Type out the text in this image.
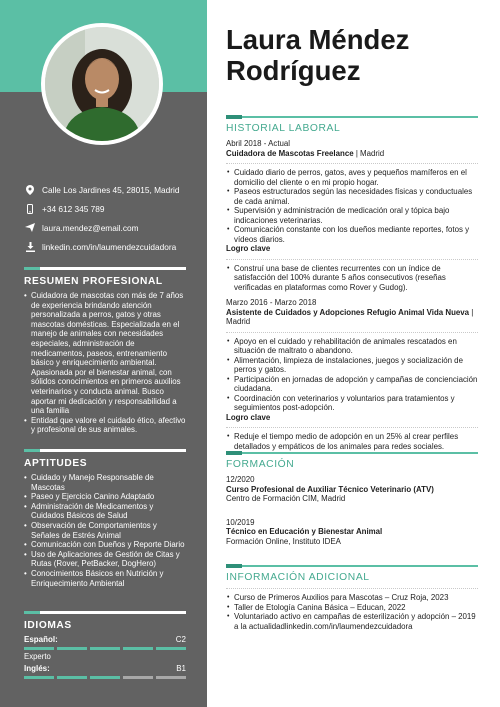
Calle Los Jardines 45, 28015, Madrid
+34 612 345 789
laura.mendez@email.com
linkedin.com/in/laumendezcuidadora
RESUMEN PROFESIONAL
• Cuidadora de mascotas con más de 7 años de experiencia brindando atención personalizada a perros, gatos y otras mascotas domésticas. Especializada en el manejo de animales con necesidades especiales, administración de medicamentos, paseos, entrenamiento básico y enriquecimiento ambiental. Apasionada por el bienestar animal, con sólidos conocimientos en primeros auxilios veterinarios y conducta animal. Busco aportar mi dedicación y responsabilidad a una familia
• Entidad que valore el cuidado ético, afectivo y profesional de sus animales.
APTITUDES
• Cuidado y Manejo Responsable de Mascotas
• Paseo y Ejercicio Canino Adaptado
• Administración de Medicamentos y Cuidados Básicos de Salud
• Observación de Comportamientos y Señales de Estrés Animal
• Comunicación con Dueños y Reporte Diario
• Uso de Aplicaciones de Gestión de Citas y Rutas (Rover, PetBacker, DogHero)
• Conocimientos Básicos en Nutrición y Enriquecimiento Ambiental
IDIOMAS
Español:	C2
Experto
Inglés:	B1
Laura Méndez
Rodríguez
HISTORIAL LABORAL
Abril 2018 - Actual
Cuidadora de Mascotas Freelance | Madrid
• Cuidado diario de perros, gatos, aves y pequeños mamíferos en el domicilio del cliente o en mi propio hogar.
• Paseos estructurados según las necesidades físicas y conductuales de cada animal.
• Supervisión y administración de medicación oral y tópica bajo indicaciones veterinarias.
• Comunicación constante con los dueños mediante reportes, fotos y vídeos diarios.
Logro clave
• Construí una base de clientes recurrentes con un índice de satisfacción del 100% durante 5 años consecutivos (reseñas verificadas en plataformas como Rover y Gudog).
Marzo 2016 - Marzo 2018
Asistente de Cuidados y Adopciones Refugio Animal Vida Nueva | Madrid
• Apoyo en el cuidado y rehabilitación de animales rescatados en situación de maltrato o abandono.
• Alimentación, limpieza de instalaciones, juegos y socialización de perros y gatos.
• Participación en jornadas de adopción y campañas de concienciación ciudadana.
• Coordinación con veterinarios y voluntarios para tratamientos y seguimientos post-adopción.
Logro clave
• Reduje el tiempo medio de adopción en un 25% al crear perfiles detallados y empáticos de los animales para redes sociales.
FORMACIÓN
12/2020
Curso Profesional de Auxiliar Técnico Veterinario (ATV)
Centro de Formación CIM, Madrid
10/2019
Técnico en Educación y Bienestar Animal
Formación Online, Instituto IDEA
INFORMACIÓN ADICIONAL
• Curso de Primeros Auxilios para Mascotas – Cruz Roja, 2023
• Taller de Etología Canina Básica – Educan, 2022
• Voluntariado activo en campañas de esterilización y adopción – 2019 a la actualidadlinkedin.com/in/laumendezcuidadora
